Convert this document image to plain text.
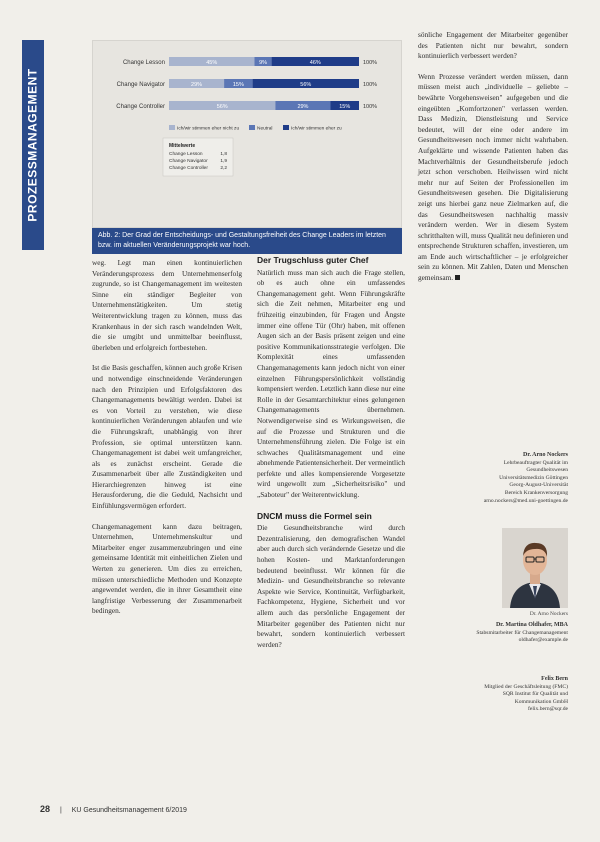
PROZESSMANAGEMENT
Change Lesson	45%	9%	46%	100%
Change Navigator	29%	15%	56%	100%
Change Controller	56%	29%	15% 100%
Ich/wir stimmen eher nicht zu	Neutral	Ich/wir stimmen eher zu
Mittelwerte
Change Lesson	1,8
Change Navigator	1,9
Change Controller	2,2
Abb. 2: Der Grad der Entscheidungs- und Gestaltungsfreiheit des Change Leaders im letzten bzw. im aktuellen Veränderungsprojekt war hoch.

weg. Legt man einen kontinuierlichen Veränderungsprozess dem Unternehmenserfolg zugrunde, so ist Changemanagement im weitesten Sinne ein ständiger Begleiter von Unternehmenstätigkeiten. Um stetig Weiterentwicklung tragen zu können, muss das Krankenhaus in der sich rasch wandelnden Welt, die sie umgibt und unmittelbar beeinflusst, überleben und erfolgreich fortbestehen.

Ist die Basis geschaffen, können auch große Krisen und notwendige einschneidende Veränderungen nach den Prinzipien und Erfolgsfaktoren des Changemanagements bewältigt werden. Dabei ist es von Vorteil zu verstehen, wie diese kontinuierlichen Veränderungen ablaufen und wie die Führungskraft, unabhängig von ihrer Profession, sie optimal unterstützen kann. Changemanagement ist dabei weit umfangreicher, als es zunächst erscheint. Gerade die Zusammenarbeit über alle Zuständigkeiten und Hierarchiegrenzen hinweg ist eine Herausforderung, die die Geduld, Nachsicht und Einfühlungsvermögen erfordert.

Changemanagement kann dazu beitragen, Unternehmen, Unternehmenskultur und Mitarbeiter enger zusammenzubringen und eine gemeinsame Identität mit einheitlichen Zielen und Werten zu generieren. Um dies zu erreichen, müssen unterschiedliche Methoden und Konzepte angewendet werden, die in ihrer Gesamtheit eine langfristige Verbesserung der Zusammenarbeit bedingen.

Der Trugschluss guter Chef

Natürlich muss man sich auch die Frage stellen, ob es auch ohne ein umfassendes Changemanagement geht. Wenn Führungskräfte sich die Zeit nehmen, Mitarbeiter eng und frühzeitig einzubinden, für Fragen und Ängste immer eine offene Tür (Ohr) haben, mit offenen Augen sich an der Basis präsent zeigen und eine positive Kommunikationsstrategie verfolgen. Die Komplexität eines umfassenden Changemanagements kann jedoch nicht von einer einzelnen Führungspersönlichkeit vollständig kompensiert werden. Letztlich kann diese nur eine Rolle in der Gesamtarchitektur eines gelungenen Changemanagements übernehmen. Notwendigerweise sind es Wirkungsweisen, die auf die Prozesse und Strukturen und die Unternehmensführung zielen. Die Folge ist ein schwaches Qualitätsmanagement und eine abnehmende Patientensicherheit. Der vermeintlich perfekte und alles kompensierende Vorgesetzte wird ungewollt zum „Sicherheitsrisiko" und „Saboteur" der Weiterentwicklung.

DNCM muss die Formel sein

Die Gesundheitsbranche wird durch Dezentralisierung, den demografischen Wandel aber auch durch sich verändernde Gesetze und die hohen Kosten- und Marktanforderungen bedeutend beeinflusst. Wir können für die Medizin- und Gesundheitsbranche so relevante Aspekte wie Service, Kontinuität, Verfügbarkeit, Fachkompetenz, Hygiene, Sicherheit und vor allem auch das persönliche Engagement der Mitarbeiter gegenüber des Patienten nicht nur bewahrt, sondern kontinuierlich verbessert werden?

sönliche Engagement der Mitarbeiter gegenüber des Patienten nicht nur bewahrt, sondern kontinuierlich verbessert werden?

Wenn Prozesse verändert werden müssen, dann müssen meist auch „individuelle – geliebte – bewährte Vorgehensweisen" aufgegeben und die eingeübten „Komfortzonen" verlassen werden. Dass Medizin, Dienstleistung und Service bedeutet, will der eine oder andere im Gesundheitswesen noch immer nicht wahrhaben. Aufgeklärte und wissende Patienten haben das Machtverhältnis der Gesundheitsberufe jedoch jetzt schon verschoben. Heilwissen wird nicht mehr nur auf Seiten der Professionellen im Gesundheitswesen gesehen. Die Digitalisierung zeigt uns hierbei ganz neue Zielmarken auf, die das Gesundheitswesen nachhaltig massiv verändern werden. Wer in diesem System schritthalten will, muss Qualität neu definieren und entsprechende Strukturen schaffen, investieren, um am Ende auch wirtschaftlicher – je erfolgreicher sein zu können. Mit Zahlen, Daten und Menschen gemeinsam.

Dr. Arno Nockers
Lehrbeauftragter Qualität im
Gesundheitswesen
Universitätsmedizin Göttingen
Georg-August-Universität
Bereich Krankenversorgung
arno.nockers@med.uni-goettingen.de
Dr. Arno Nockers
Dr. Martina Oldhafer, MBA
Stabsmitarbeiter für Changemanagement
oldhafer@example.de
Felix Bern
Mitglied der Geschäftsleitung (FMC)
SQR Institut für Qualität und
Kommunikation GmbH
felix.bern@sqr.de
28 | KU Gesundheitsmanagement 6/2019
